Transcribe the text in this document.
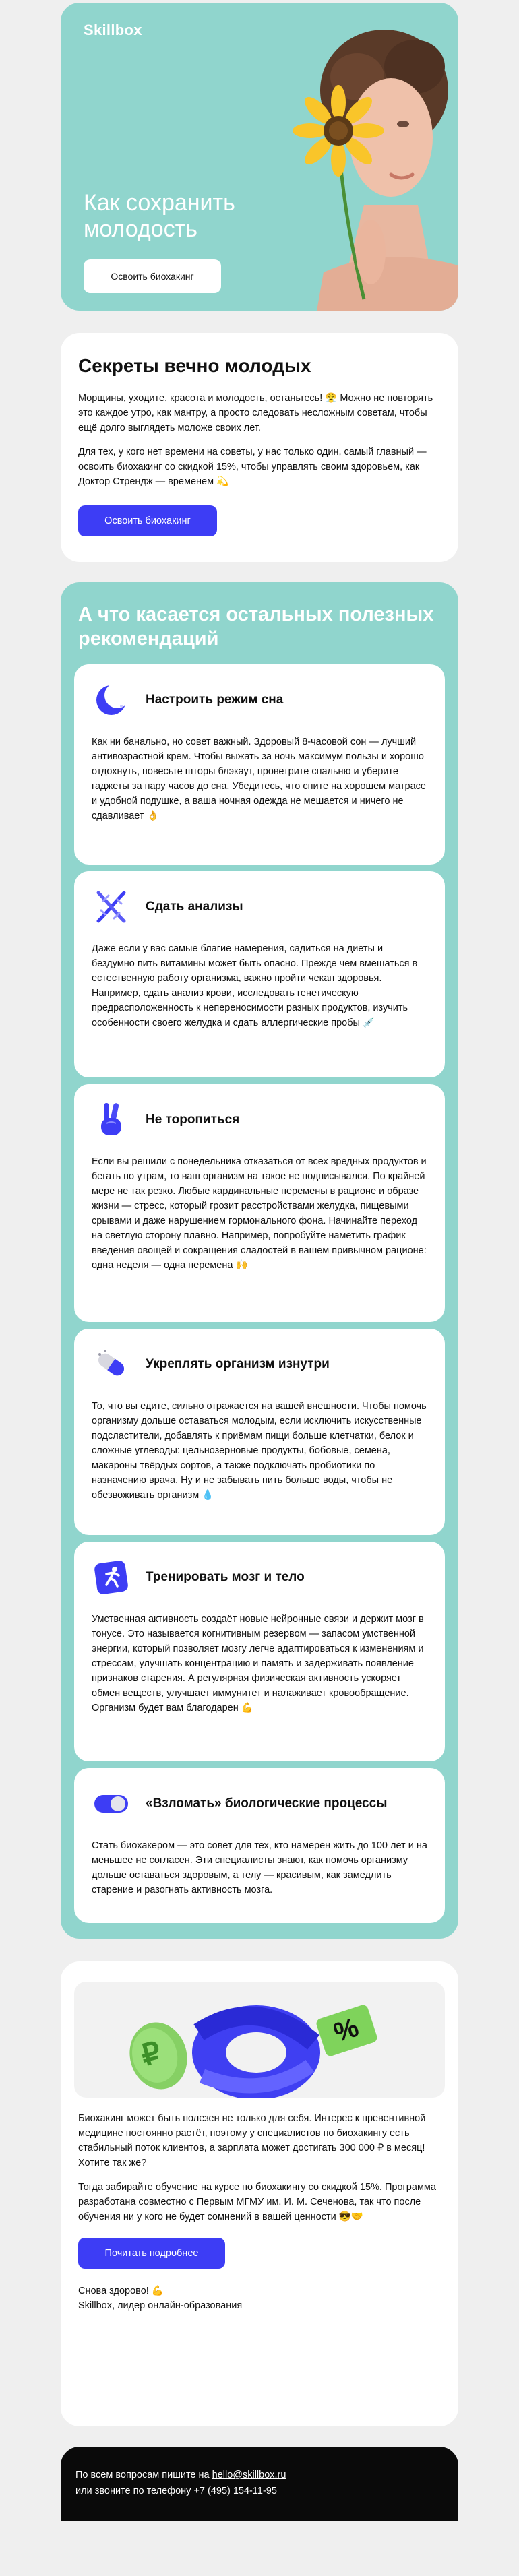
Skillbox
Как сохранить молодость
Освоить биохакинг
Секреты вечно молодых

Морщины, уходите, красота и молодость, останьтесь! 😤 Можно не повторять это каждое утро, как мантру, а просто следовать несложным советам, чтобы ещё долго выглядеть моложе своих лет.

Для тех, у кого нет времени на советы, у нас только один, самый главный — освоить биохакинг со скидкой 15%, чтобы управлять своим здоровьем, как Доктор Стрендж — временем 💫

Освоить биохакинг
А что касается остальных полезных рекомендаций
Настроить режим сна
Как ни банально, но совет важный. Здоровый 8-часовой сон — лучший антивозрастной крем. Чтобы выжать за ночь максимум пользы и хорошо отдохнуть, повесьте шторы блэкаут, проветрите спальню и уберите гаджеты за пару часов до сна. Убедитесь, что спите на хорошем матрасе и удобной подушке, а ваша ночная одежда не мешается и ничего не сдавливает 👌
Сдать анализы
Даже если у вас самые благие намерения, садиться на диеты и бездумно пить витамины может быть опасно. Прежде чем вмешаться в естественную работу организма, важно пройти чекап здоровья. Например, сдать анализ крови, исследовать генетическую предрасположенность к непереносимости разных продуктов, изучить особенности своего желудка и сдать аллергические пробы 💉
Не торопиться
Если вы решили с понедельника отказаться от всех вредных продуктов и бегать по утрам, то ваш организм на такое не подписывался. По крайней мере не так резко. Любые кардинальные перемены в рационе и образе жизни — стресс, который грозит расстройствами желудка, пищевыми срывами и даже нарушением гормонального фона. Начинайте переход на светлую сторону плавно. Например, попробуйте наметить график введения овощей и сокращения сладостей в вашем привычном рационе: одна неделя — одна перемена 🙌
Укреплять организм изнутри
То, что вы едите, сильно отражается на вашей внешности. Чтобы помочь организму дольше оставаться молодым, если исключить искусственные подсластители, добавлять к приёмам пищи больше клетчатки, белок и сложные углеводы: цельнозерновые продукты, бобовые, семена, макароны твёрдых сортов, а также подключать пробиотики по назначению врача. Ну и не забывать пить больше воды, чтобы не обезвоживать организм 💧
Тренировать мозг и тело
Умственная активность создаёт новые нейронные связи и держит мозг в тонусе. Это называется когнитивным резервом — запасом умственной энергии, который позволяет мозгу легче адаптироваться к изменениям и стрессам, улучшать концентрацию и память и задерживать появление признаков старения. А регулярная физическая активность ускоряет обмен веществ, улучшает иммунитет и налаживает кровообращение. Организм будет вам благодарен 💪
«Взломать» биологические процессы
Стать биохакером — это совет для тех, кто намерен жить до 100 лет и на меньшее не согласен. Эти специалисты знают, как помочь организму дольше оставаться здоровым, а телу — красивым, как замедлить старение и разогнать активность мозга.
₽
%

Биохакинг может быть полезен не только для себя. Интерес к превентивной медицине постоянно растёт, поэтому у специалистов по биохакингу есть стабильный поток клиентов, а зарплата может достигать 300 000 ₽ в месяц! Хотите так же?

Тогда забирайте обучение на курсе по биохакингу со скидкой 15%. Программа разработана совместно с Первым МГМУ им. И. М. Сеченова, так что после обучения ни у кого не будет сомнений в вашей ценности 😎🤝

Почитать подробнее

Снова здорово! 💪

Skillbox, лидер онлайн-образования

По всем вопросам пишите на hello@skillbox.ru
или звоните по телефону +7 (495) 154-11-95
